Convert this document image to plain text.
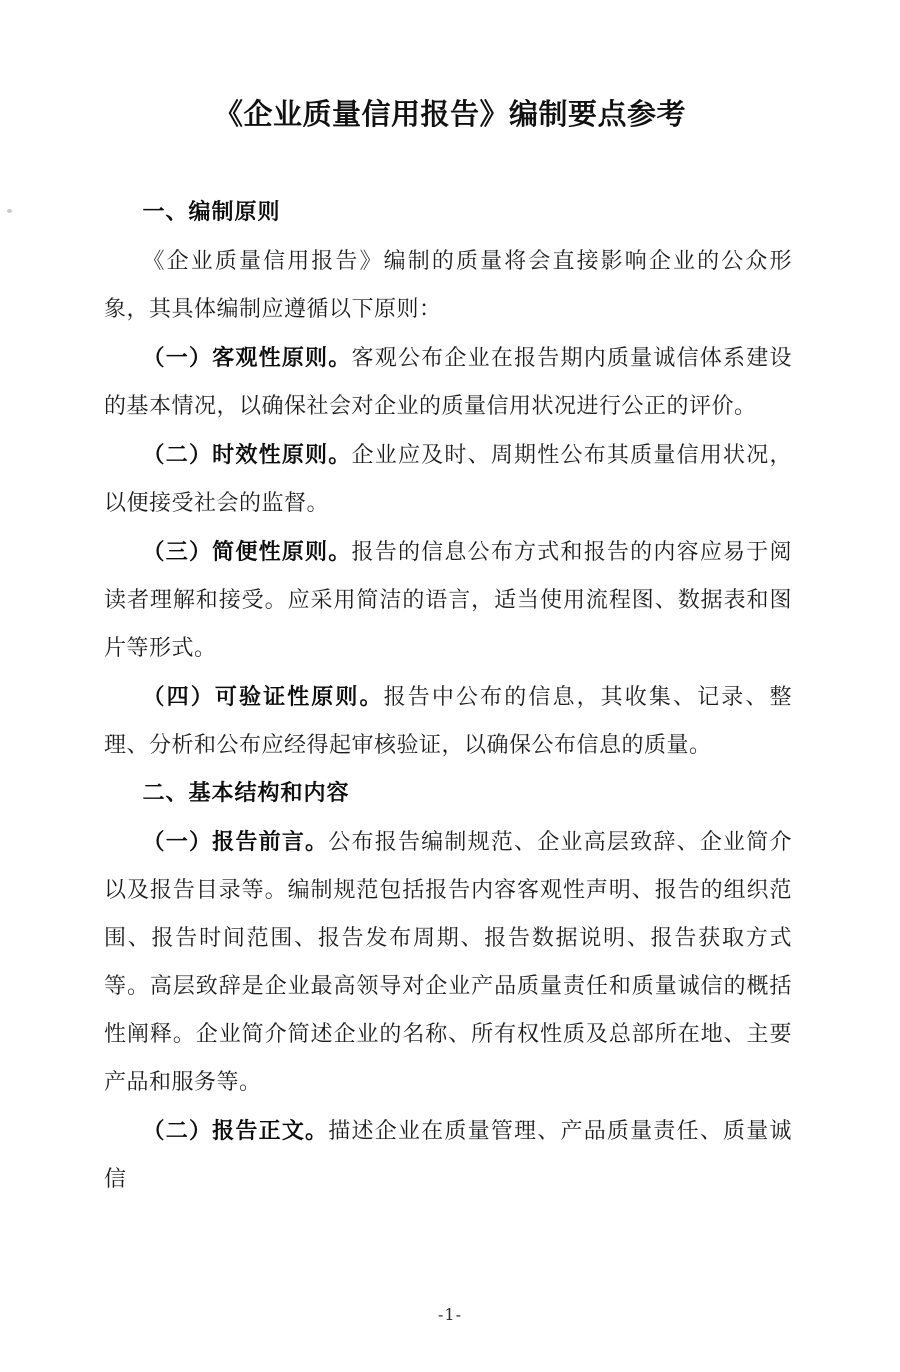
《企业质量信用报告》编制要点参考
一、编制原则

《企业质量信用报告》编制的质量将会直接影响企业的公众形象，其具体编制应遵循以下原则：

（一）客观性原则。客观公布企业在报告期内质量诚信体系建设的基本情况，以确保社会对企业的质量信用状况进行公正的评价。

（二）时效性原则。企业应及时、周期性公布其质量信用状况，以便接受社会的监督。

（三）简便性原则。报告的信息公布方式和报告的内容应易于阅读者理解和接受。应采用简洁的语言，适当使用流程图、数据表和图片等形式。

（四）可验证性原则。报告中公布的信息，其收集、记录、整理、分析和公布应经得起审核验证，以确保公布信息的质量。

二、基本结构和内容

（一）报告前言。公布报告编制规范、企业高层致辞、企业简介以及报告目录等。编制规范包括报告内容客观性声明、报告的组织范围、报告时间范围、报告发布周期、报告数据说明、报告获取方式等。高层致辞是企业最高领导对企业产品质量责任和质量诚信的概括性阐释。企业简介简述企业的名称、所有权性质及总部所在地、主要产品和服务等。

（二）报告正文。描述企业在质量管理、产品质量责任、质量诚信

-1-
